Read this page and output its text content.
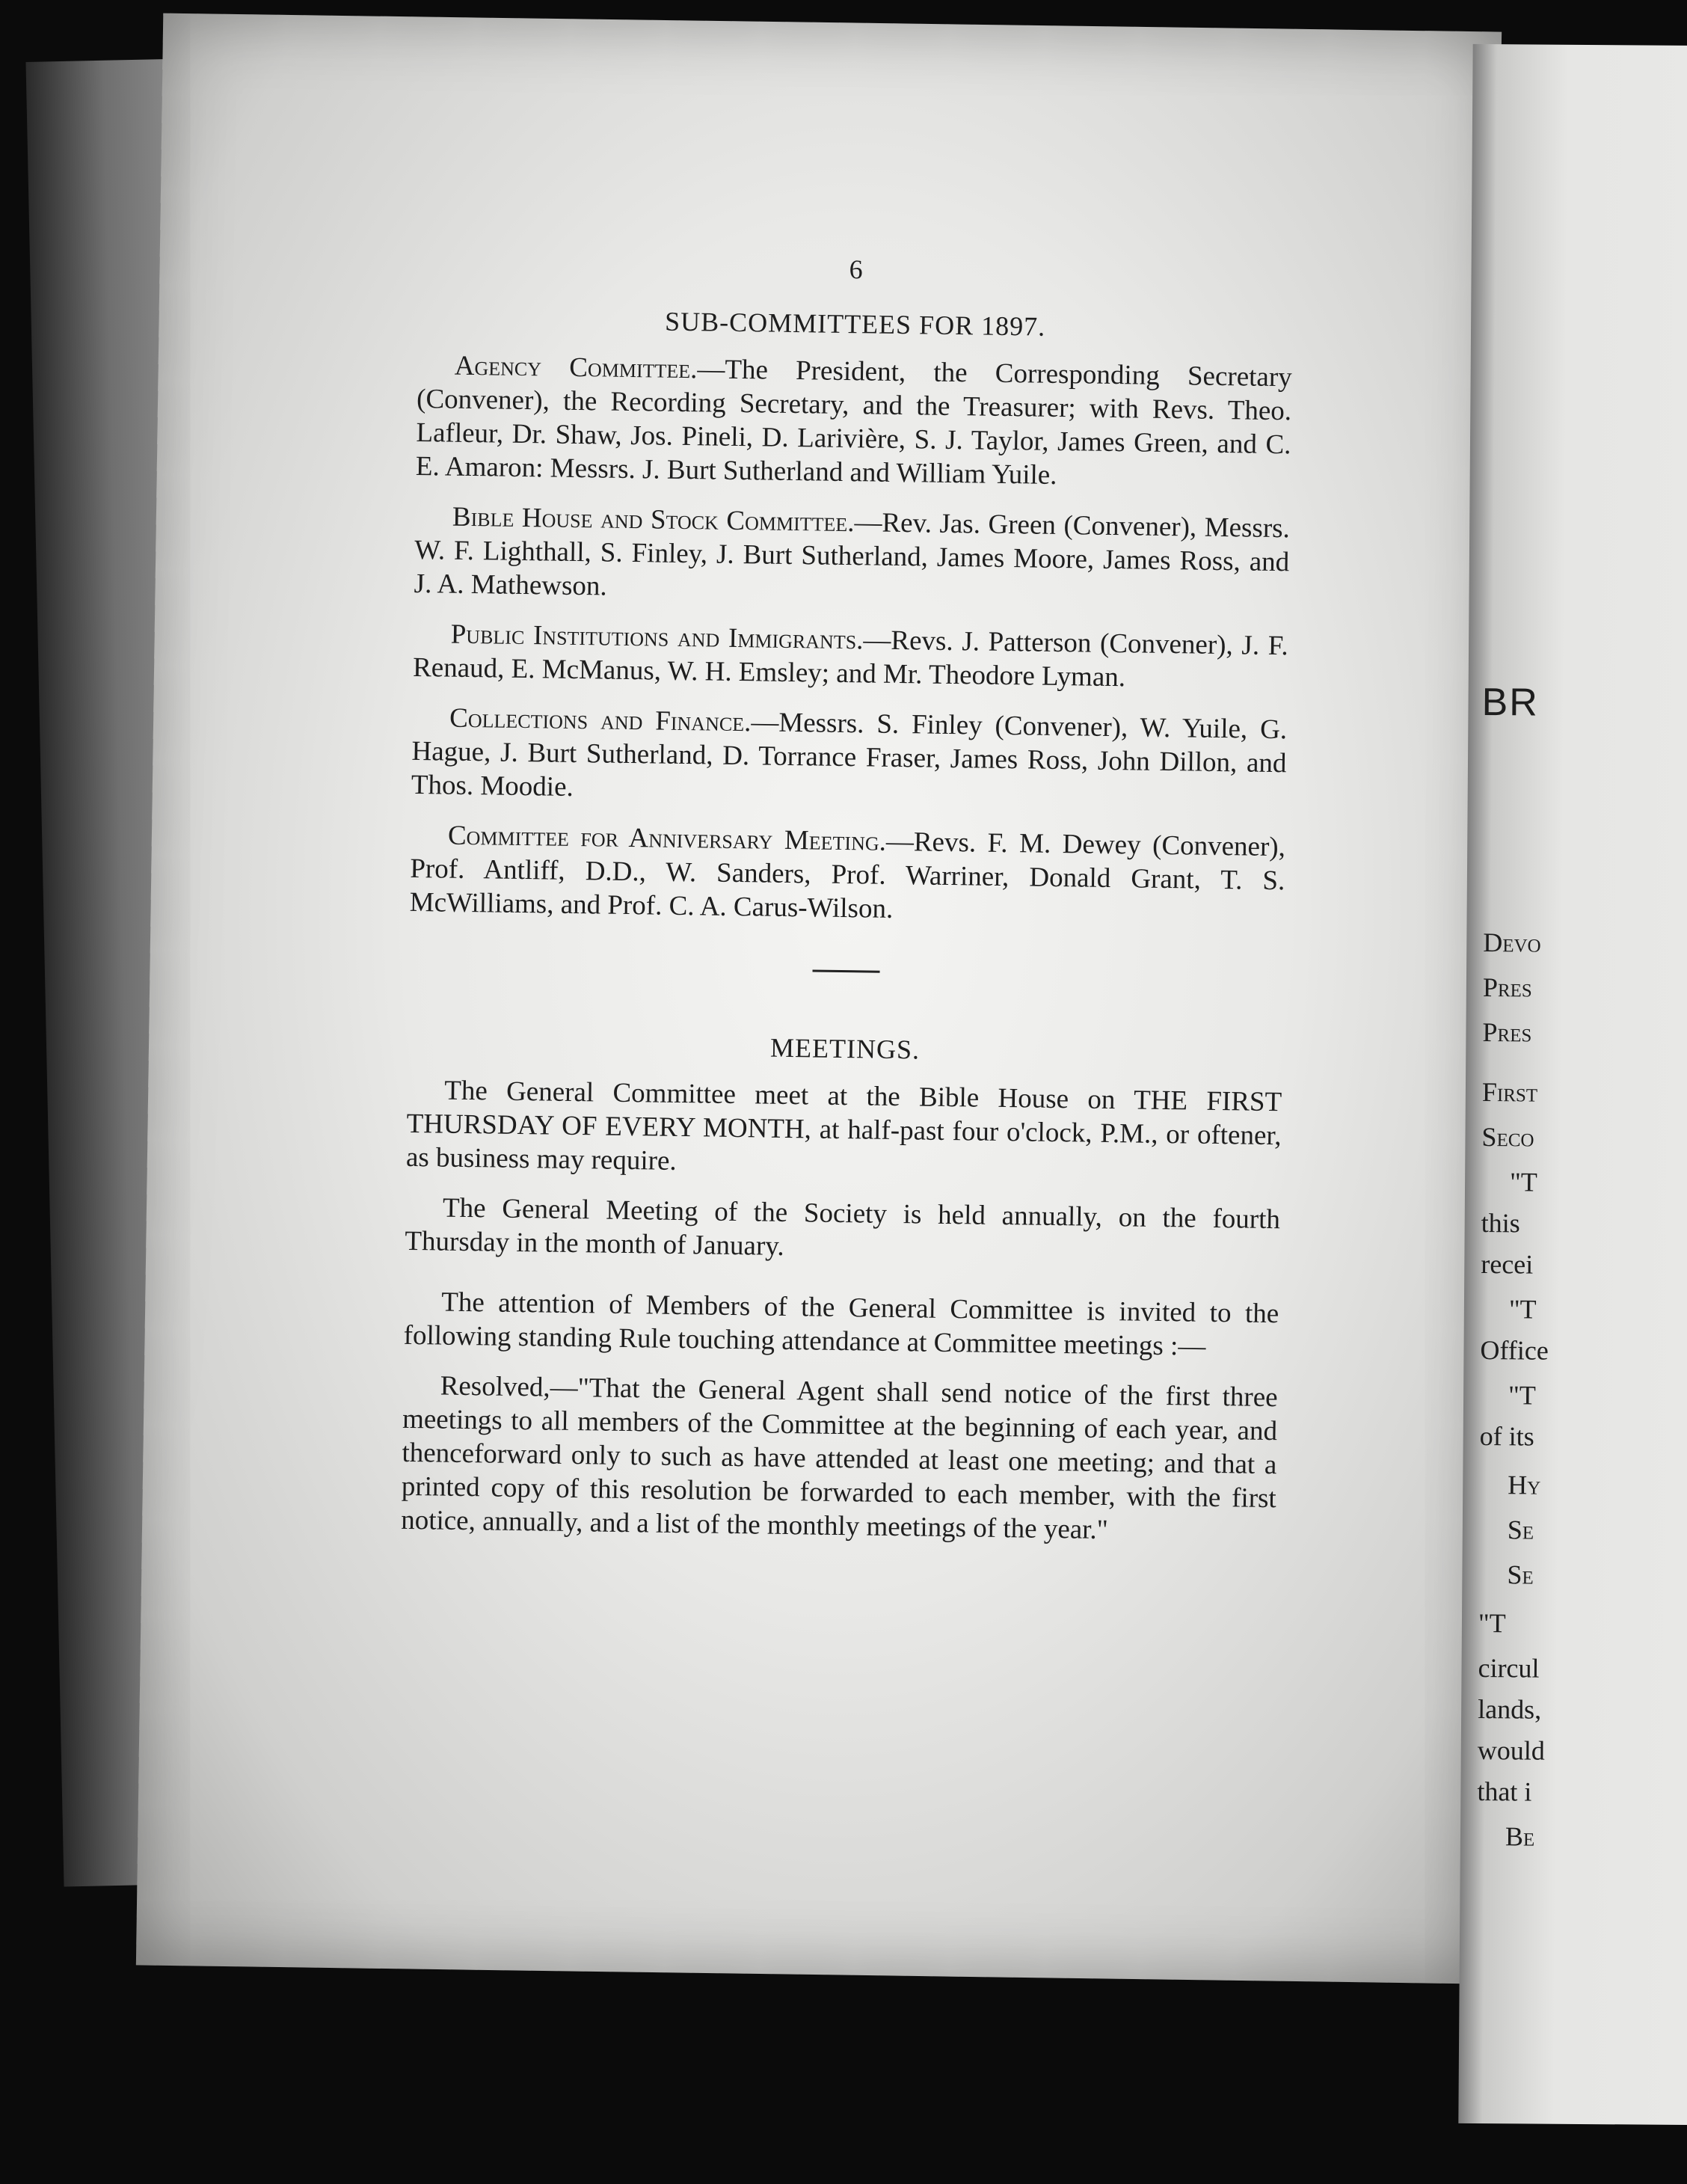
6
SUB-COMMITTEES FOR 1897.

Agency Committee.—The President, the Corresponding Secretary (Convener), the Recording Secretary, and the Treasurer; with Revs. Theo. Lafleur, Dr. Shaw, Jos. Pineli, D. Larivière, S. J. Taylor, James Green, and C. E. Amaron: Messrs. J. Burt Sutherland and William Yuile.

Bible House and Stock Committee.—Rev. Jas. Green (Convener), Messrs. W. F. Lighthall, S. Finley, J. Burt Sutherland, James Moore, James Ross, and J. A. Mathewson.

Public Institutions and Immigrants.—Revs. J. Patterson (Convener), J. F. Renaud, E. McManus, W. H. Emsley; and Mr. Theodore Lyman.

Collections and Finance.—Messrs. S. Finley (Convener), W. Yuile, G. Hague, J. Burt Sutherland, D. Torrance Fraser, James Ross, John Dillon, and Thos. Moodie.

Committee for Anniversary Meeting.—Revs. F. M. Dewey (Convener), Prof. Antliff, D.D., W. Sanders, Prof. Warriner, Donald Grant, T. S. McWilliams, and Prof. C. A. Carus-Wilson.

MEETINGS.

The General Committee meet at the Bible House on THE FIRST THURSDAY OF EVERY MONTH, at half-past four o'clock, P.M., or oftener, as business may require.

The General Meeting of the Society is held annually, on the fourth Thursday in the month of January.

The attention of Members of the General Committee is invited to the following standing Rule touching attendance at Committee meetings :—

Resolved,—"That the General Agent shall send notice of the first three meetings to all members of the Committee at the beginning of each year, and thenceforward only to such as have attended at least one meeting; and that a printed copy of this resolution be forwarded to each member, with the first notice, annually, and a list of the monthly meetings of the year."

BR
Devo
Pres
Pres
First
Seco
"T
this
recei
"T
Office
"T
of its
Hy
Se
Se
"T
circul
lands,
would
that i
Be
